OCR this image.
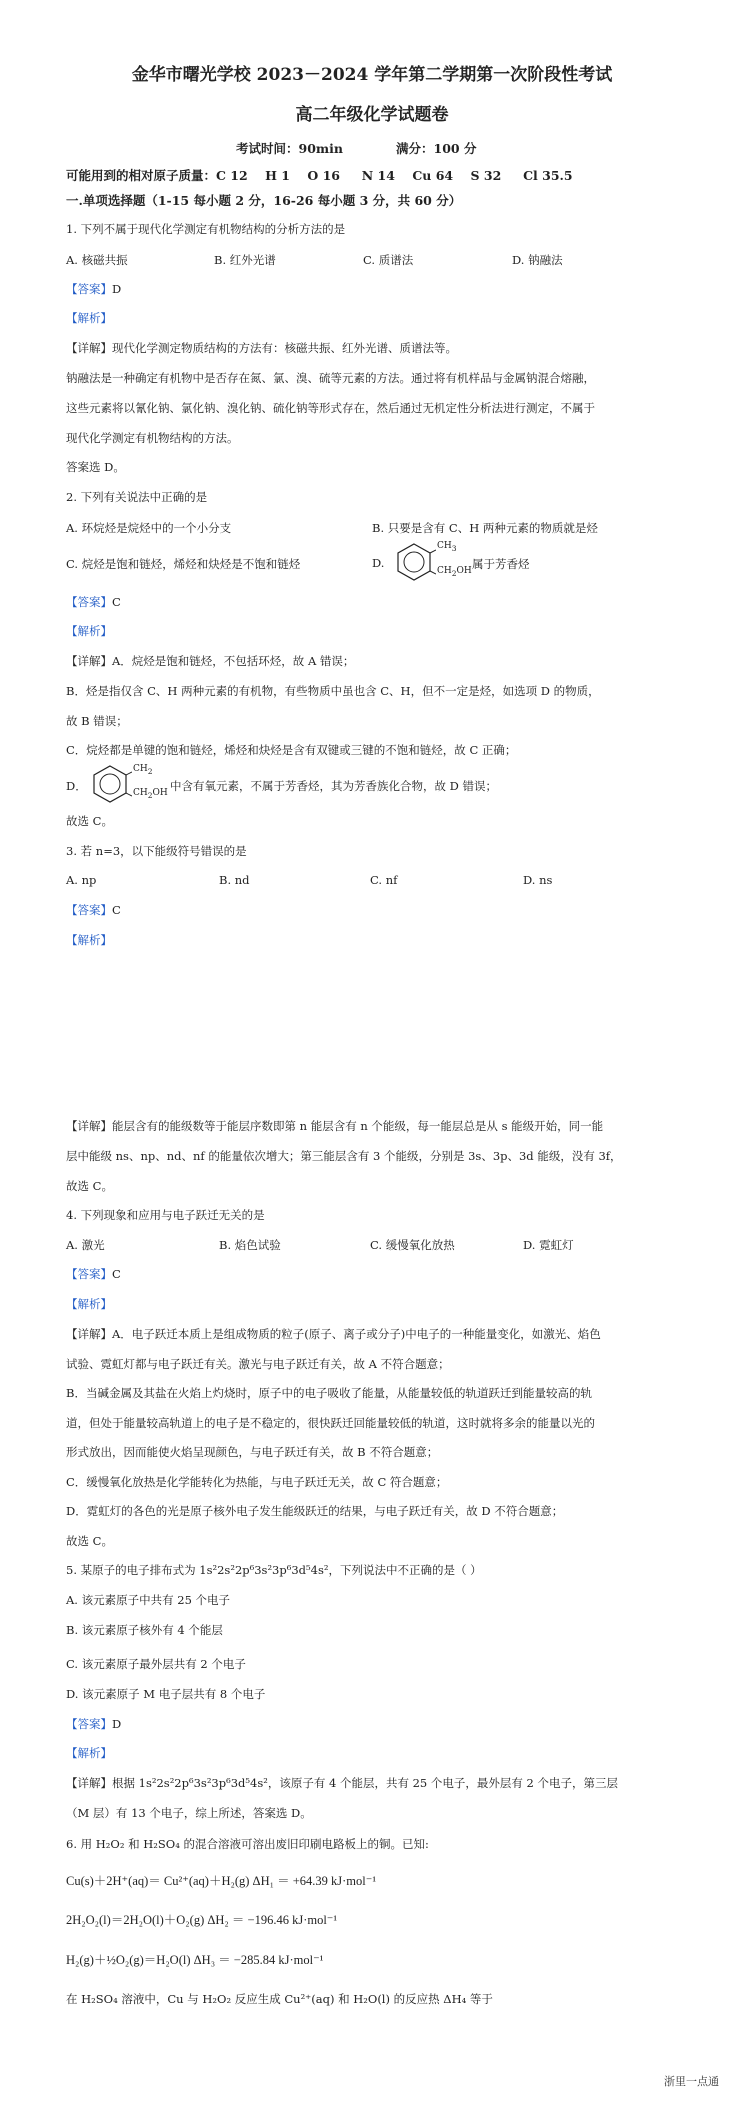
金华市曙光学校 2023－2024 学年第二学期第一次阶段性考试
高二年级化学试题卷
考试时间：90min	满分：100 分
可能用到的相对原子质量：C 12    H 1    O 16     N 14    Cu 64    S 32     Cl 35.5
一.单项选择题（1-15 每小题 2 分，16-26 每小题 3 分，共 60 分）
1. 下列不属于现代化学测定有机物结构的分析方法的是
A. 核磁共振	B. 红外光谱	C. 质谱法	D. 钠融法
【答案】D
【解析】
【详解】现代化学测定物质结构的方法有：核磁共振、红外光谱、质谱法等。
钠融法是一种确定有机物中是否存在氮、氯、溴、硫等元素的方法。通过将有机样品与金属钠混合熔融，
这些元素将以氰化钠、氯化钠、溴化钠、硫化钠等形式存在，然后通过无机定性分析法进行测定，不属于
现代化学测定有机物结构的方法。
答案选 D。
2. 下列有关说法中正确的是
A. 环烷烃是烷烃中的一个小分支	B. 只要是含有 C、H 两种元素的物质就是烃
C. 烷烃是饱和链烃，烯烃和炔烃是不饱和链烃	D.
$CH_3$
$CH_2OH$ 属于芳香烃
【答案】C
【解析】
【详解】A．烷烃是饱和链烃，不包括环烃，故 A 错误；
B．烃是指仅含 C、H 两种元素的有机物，有些物质中虽也含 C、H，但不一定是烃，如选项 D 的物质，
故 B 错误；
C．烷烃都是单键的饱和链烃，烯烃和炔烃是含有双键或三键的不饱和链烃，故 C 正确；
D．
$CH_2$
$CH_2OH$ 中含有氧元素，不属于芳香烃，其为芳香族化合物，故 D 错误；
故选 C。
3. 若 n=3，以下能级符号错误的是
A. np	B. nd	C. nf	D. ns
【答案】C
【解析】
【详解】能层含有的能级数等于能层序数即第 n 能层含有 n 个能级，每一能层总是从 s 能级开始，同一能
层中能级 ns、np、nd、nf 的能量依次增大；第三能层含有 3 个能级，分别是 3s、3p、3d 能级，没有 3f，
故选 C。
4. 下列现象和应用与电子跃迁无关的是
A. 激光	B. 焰色试验	C. 缓慢氧化放热	D. 霓虹灯
【答案】C
【解析】
【详解】A．电子跃迁本质上是组成物质的粒子(原子、离子或分子)中电子的一种能量变化，如激光、焰色
试验、霓虹灯都与电子跃迁有关。激光与电子跃迁有关，故 A 不符合题意；
B．当碱金属及其盐在火焰上灼烧时，原子中的电子吸收了能量，从能量较低的轨道跃迁到能量较高的轨
道，但处于能量较高轨道上的电子是不稳定的，很快跃迁回能量较低的轨道，这时就将多余的能量以光的
形式放出，因而能使火焰呈现颜色，与电子跃迁有关，故 B 不符合题意；
C．缓慢氧化放热是化学能转化为热能，与电子跃迁无关，故 C 符合题意；
D．霓虹灯的各色的光是原子核外电子发生能级跃迁的结果，与电子跃迁有关，故 D 不符合题意；
故选 C。
5. 某原子的电子排布式为 1s²2s²2p⁶3s²3p⁶3d⁵4s²，下列说法中不正确的是（ ）
A. 该元素原子中共有 25 个电子
B. 该元素原子核外有 4 个能层
C. 该元素原子最外层共有 2 个电子
D. 该元素原子 M 电子层共有 8 个电子
【答案】D
【解析】
【详解】根据 1s²2s²2p⁶3s²3p⁶3d⁵4s²，该原子有 4 个能层，共有 25 个电子，最外层有 2 个电子，第三层
（M 层）有 13 个电子，综上所述，答案选 D。
6. 用 H₂O₂ 和 H₂SO₄ 的混合溶液可溶出废旧印刷电路板上的铜。已知:
Cu(s)＋2H⁺(aq)＝ Cu²⁺(aq)＋H₂(g) ΔH₁ ＝ +64.39 kJ·mol⁻¹
2H₂O₂(l)＝2H₂O(l)＋O₂(g) ΔH₂ ＝ −196.46 kJ·mol⁻¹
H₂(g)＋½O₂(g)＝H₂O(l) ΔH₃ ＝ −285.84 kJ·mol⁻¹
在 H₂SO₄ 溶液中，Cu 与 H₂O₂ 反应生成 Cu²⁺(aq) 和 H₂O(l) 的反应热 ΔH₄ 等于
浙里一点通
